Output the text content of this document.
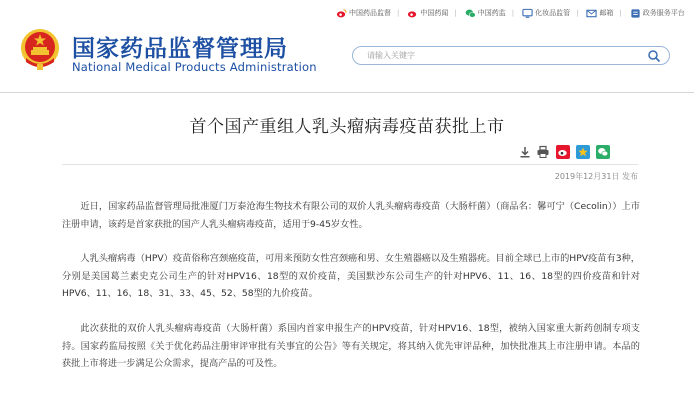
国家药品监督管理局
National Medical Products Administration
中国药品监督 |	中国药闻 |	中国药监 |	化妆品监管 |	邮箱 |	政务服务平台
请输入关键字
首个国产重组人乳头瘤病毒疫苗获批上市
2019年12月31日 发布

近日，国家药品监督管理局批准厦门万泰沧海生物技术有限公司的双价人乳头瘤病毒疫苗（大肠杆菌）（商品名：馨可宁（Cecolin））上市注册申请，该药是首家获批的国产人乳头瘤病毒疫苗，适用于9-45岁女性。

人乳头瘤病毒（HPV）疫苗俗称宫颈癌疫苗，可用来预防女性宫颈癌和男、女生殖器癌以及生殖器疣。目前全球已上市的HPV疫苗有3种，分别是美国葛兰素史克公司生产的针对HPV16、18型的双价疫苗，美国默沙东公司生产的针对HPV6、11、16、18型的四价疫苗和针对HPV6、11、16、18、31、33、45、52、58型的九价疫苗。

此次获批的双价人乳头瘤病毒疫苗（大肠杆菌）系国内首家申报生产的HPV疫苗，针对HPV16、18型，被纳入国家重大新药创制专项支持。国家药监局按照《关于优化药品注册审评审批有关事宜的公告》等有关规定，将其纳入优先审评品种，加快批准其上市注册申请。本品的获批上市将进一步满足公众需求，提高产品的可及性。
